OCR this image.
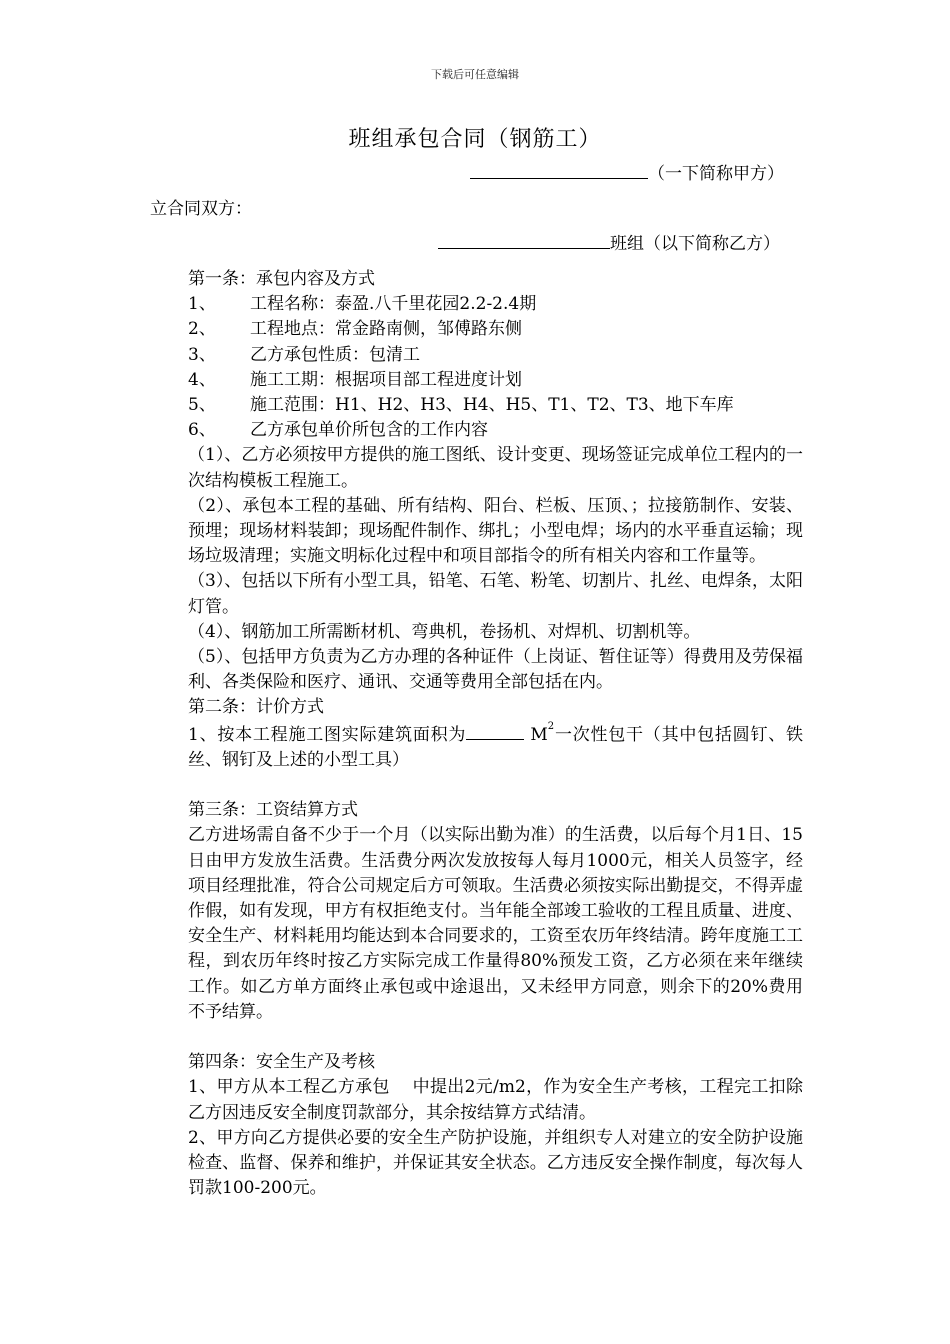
下载后可任意编辑
班组承包合同（钢筋工）
（一下简称甲方）
立合同双方：
班组（以下简称乙方）

第一条：承包内容及方式

1、 工程名称：泰盈.八千里花园2.2-2.4期

2、 工程地点：常金路南侧，邹傅路东侧

3、 乙方承包性质：包清工

4、 施工工期：根据项目部工程进度计划

5、 施工范围：H1、H2、H3、H4、H5、T1、T2、T3、地下车库

6、 乙方承包单价所包含的工作内容

（1）、乙方必须按甲方提供的施工图纸、设计变更、现场签证完成单位工程内的一次结构模板工程施工。

（2）、承包本工程的基础、所有结构、阳台、栏板、压顶、；拉接筋制作、安装、预埋；现场材料装卸；现场配件制作、绑扎；小型电焊；场内的水平垂直运输；现场垃圾清理；实施文明标化过程中和项目部指令的所有相关内容和工作量等。

（3）、包括以下所有小型工具，铅笔、石笔、粉笔、切割片、扎丝、电焊条，太阳灯管。

（4）、钢筋加工所需断材机、弯典机，卷扬机、对焊机、切割机等。

（5）、包括甲方负责为乙方办理的各种证件（上岗证、暂住证等）得费用及劳保福利、各类保险和医疗、通讯、交通等费用全部包括在内。

第二条：计价方式

1、按本工程施工图实际建筑面积为	$M^2$一次性包干（其中包括圆钉、铁丝、钢钉及上述的小型工具）

第三条：工资结算方式

乙方进场需自备不少于一个月（以实际出勤为准）的生活费，以后每个月1日、15日由甲方发放生活费。生活费分两次发放按每人每月1000元，相关人员签字，经项目经理批准，符合公司规定后方可领取。生活费必须按实际出勤提交，不得弄虚作假，如有发现，甲方有权拒绝支付。当年能全部竣工验收的工程且质量、进度、安全生产、材料耗用均能达到本合同要求的，工资至农历年终结清。跨年度施工工程，到农历年终时按乙方实际完成工作量得80%预发工资，乙方必须在来年继续工作。如乙方单方面终止承包或中途退出，又未经甲方同意，则余下的20%费用不予结算。

第四条：安全生产及考核

1、甲方从本工程乙方承包    中提出2元/m2，作为安全生产考核，工程完工扣除乙方因违反安全制度罚款部分，其余按结算方式结清。

2、甲方向乙方提供必要的安全生产防护设施，并组织专人对建立的安全防护设施检查、监督、保养和维护，并保证其安全状态。乙方违反安全操作制度，每次每人罚款100-200元。
